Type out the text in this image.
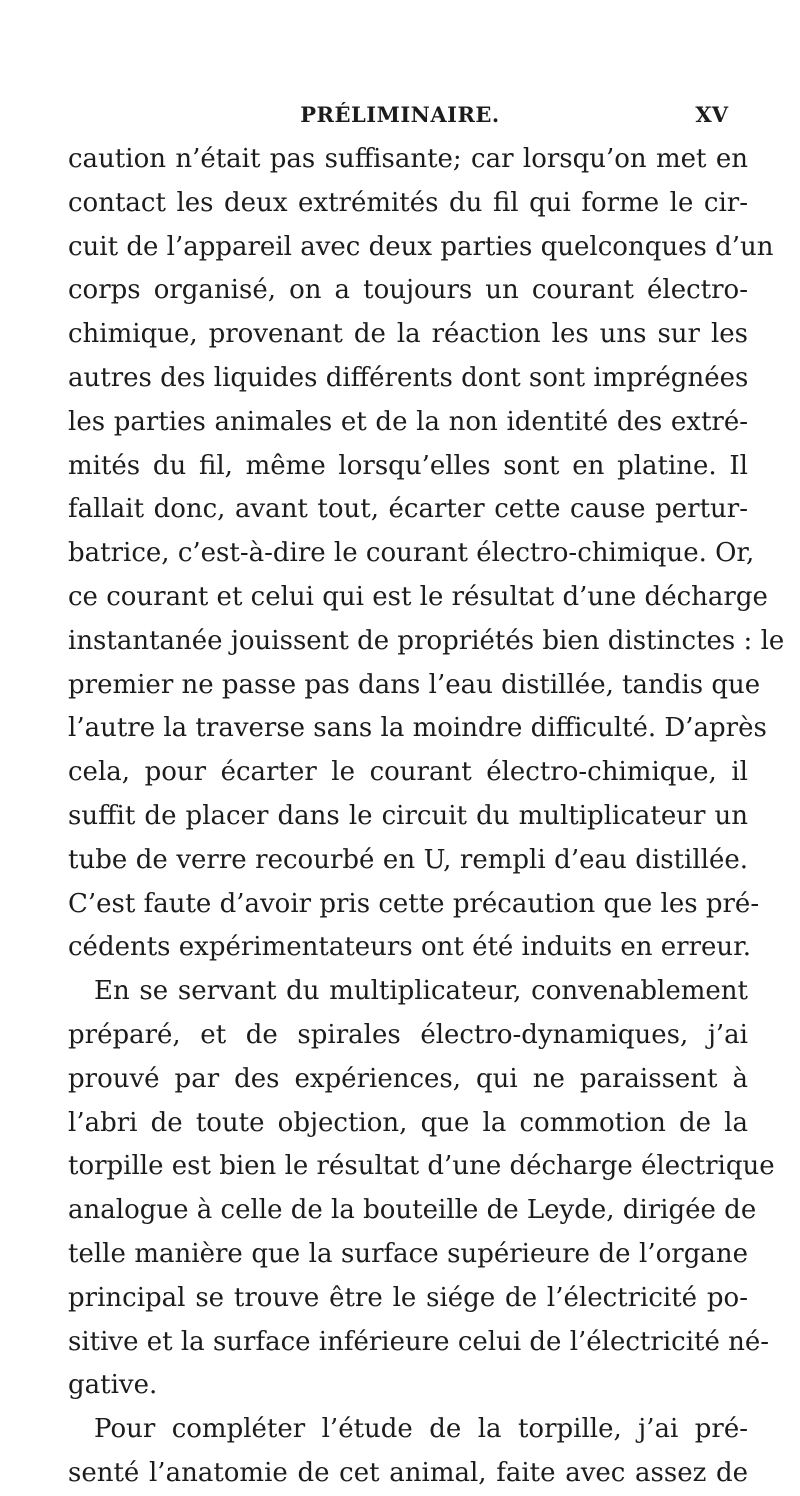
PRÉLIMINAIRE.	XV
caution n’était pas suffisante; car lorsqu’on met en
contact les deux extrémités du fil qui forme le cir-
cuit de l’appareil avec deux parties quelconques d’un
corps organisé, on a toujours un courant électro-
chimique, provenant de la réaction les uns sur les
autres des liquides différents dont sont imprégnées
les parties animales et de la non identité des extré-
mités du fil, même lorsqu’elles sont en platine. Il
fallait donc, avant tout, écarter cette cause pertur-
batrice, c’est-à-dire le courant électro-chimique. Or,
ce courant et celui qui est le résultat d’une décharge
instantanée jouissent de propriétés bien distinctes : le
premier ne passe pas dans l’eau distillée, tandis que
l’autre la traverse sans la moindre difficulté. D’après
cela, pour écarter le courant électro-chimique, il
suffit de placer dans le circuit du multiplicateur un
tube de verre recourbé en U, rempli d’eau distillée.
C’est faute d’avoir pris cette précaution que les pré-
cédents expérimentateurs ont été induits en erreur.
En se servant du multiplicateur, convenablement
préparé, et de spirales électro-dynamiques, j’ai
prouvé par des expériences, qui ne paraissent à
l’abri de toute objection, que la commotion de la
torpille est bien le résultat d’une décharge électrique
analogue à celle de la bouteille de Leyde, dirigée de
telle manière que la surface supérieure de l’organe
principal se trouve être le siége de l’électricité po-
sitive et la surface inférieure celui de l’électricité né-
gative.
Pour compléter l’étude de la torpille, j’ai pré-
senté l’anatomie de cet animal, faite avec assez de
